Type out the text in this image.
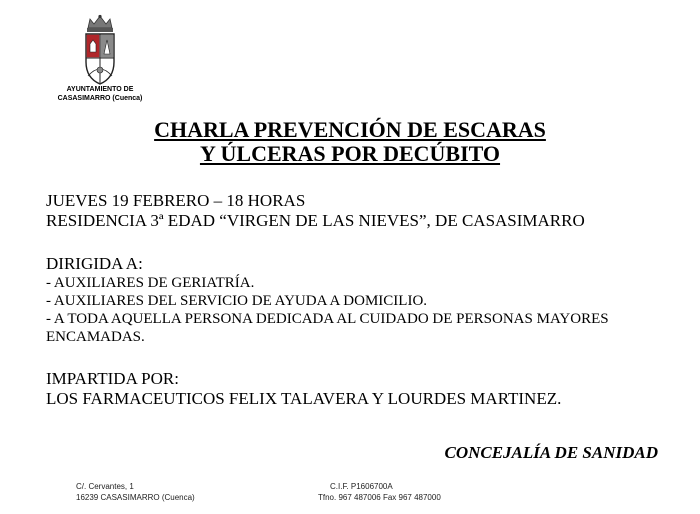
AYUNTAMIENTO DE
CASASIMARRO (Cuenca)
CHARLA PREVENCIÓN DE ESCARAS
Y ÚLCERAS POR DECÚBITO
JUEVES 19 FEBRERO – 18 HORAS
RESIDENCIA 3ª EDAD “VIRGEN DE LAS NIEVES”, DE CASASIMARRO
DIRIGIDA A:
- AUXILIARES DE GERIATRÍA.
- AUXILIARES DEL SERVICIO DE AYUDA A DOMICILIO.
- A TODA AQUELLA PERSONA DEDICADA AL CUIDADO DE PERSONAS MAYORES
ENCAMADAS.
IMPARTIDA POR:
LOS FARMACEUTICOS FELIX TALAVERA Y LOURDES MARTINEZ.
CONCEJALÍA DE SANIDAD
C/. Cervantes, 1
16239 CASASIMARRO (Cuenca)
C.I.F. P1606700A
Tfno. 967 487006 Fax 967 487000
